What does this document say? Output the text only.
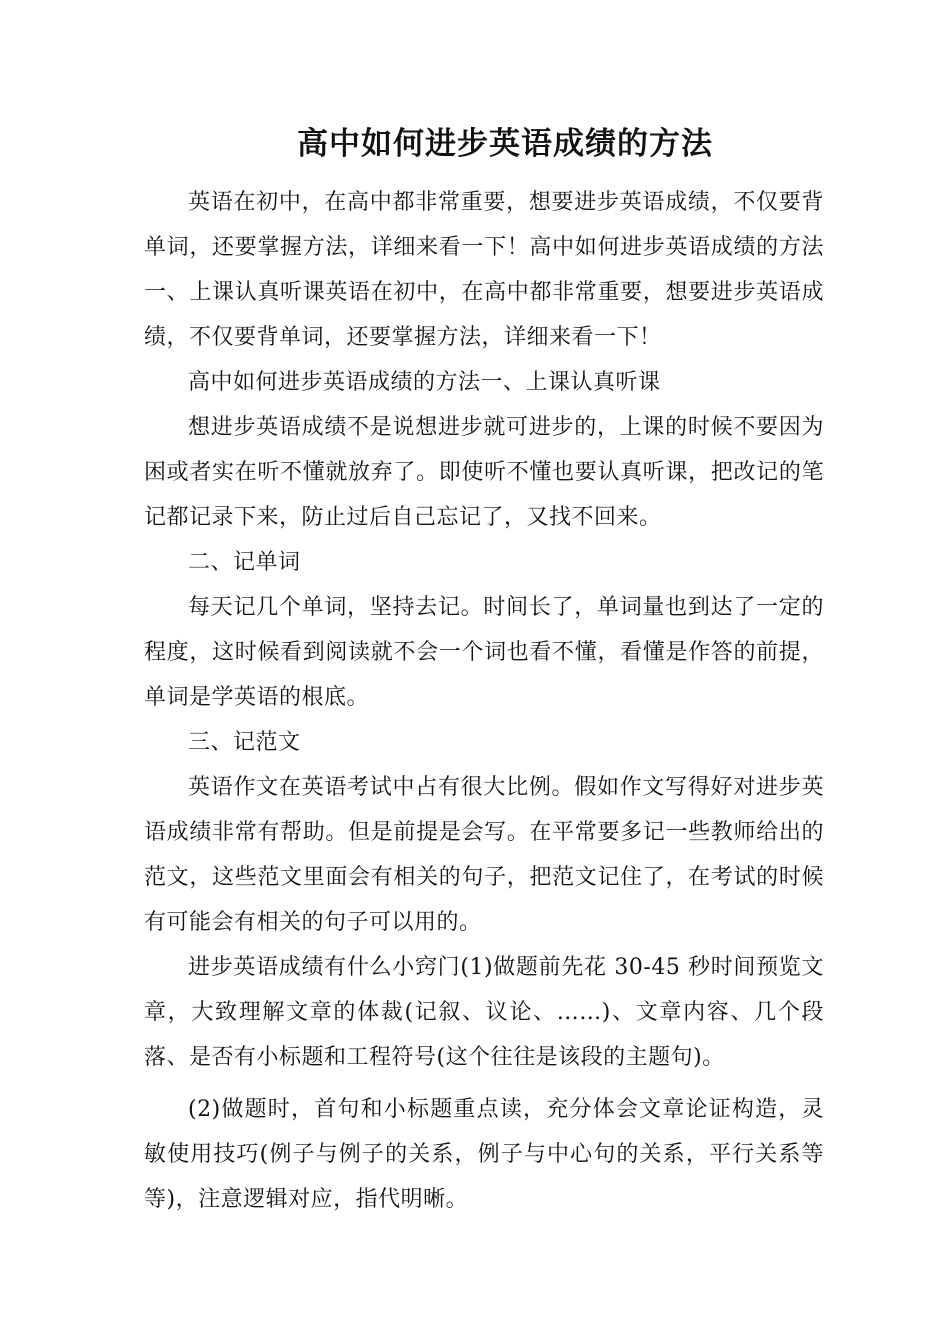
高中如何进步英语成绩的方法
英语在初中，在高中都非常重要，想要进步英语成绩，不仅要背单词，还要掌握方法，详细来看一下！高中如何进步英语成绩的方法一、上课认真听课英语在初中，在高中都非常重要，想要进步英语成绩，不仅要背单词，还要掌握方法，详细来看一下！
高中如何进步英语成绩的方法一、上课认真听课
想进步英语成绩不是说想进步就可进步的，上课的时候不要因为困或者实在听不懂就放弃了。即使听不懂也要认真听课，把改记的笔记都记录下来，防止过后自己忘记了，又找不回来。
二、记单词
每天记几个单词，坚持去记。时间长了，单词量也到达了一定的程度，这时候看到阅读就不会一个词也看不懂，看懂是作答的前提，单词是学英语的根底。
三、记范文
英语作文在英语考试中占有很大比例。假如作文写得好对进步英语成绩非常有帮助。但是前提是会写。在平常要多记一些教师给出的范文，这些范文里面会有相关的句子，把范文记住了，在考试的时候有可能会有相关的句子可以用的。
进步英语成绩有什么小窍门(1)做题前先花 30-45 秒时间预览文章，大致理解文章的体裁(记叙、议论、……)、文章内容、几个段落、是否有小标题和工程符号(这个往往是该段的主题句)。
(2)做题时，首句和小标题重点读，充分体会文章论证构造，灵敏使用技巧(例子与例子的关系，例子与中心句的关系，平行关系等等)，注意逻辑对应，指代明晰。
